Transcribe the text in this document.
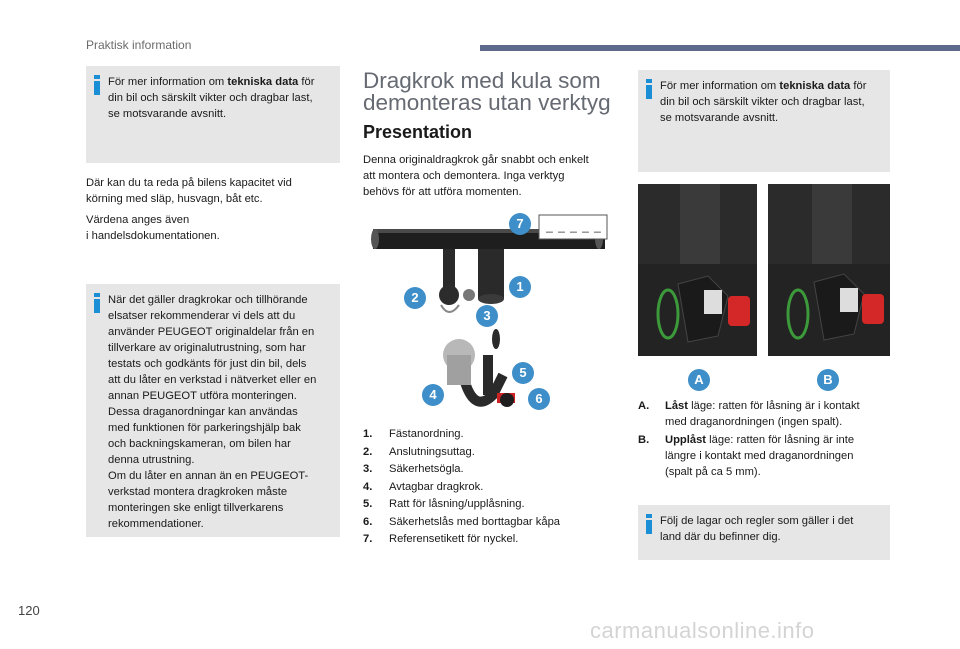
Praktisk information
För mer information om tekniska data för
din bil och särskilt vikter och dragbar last,
se motsvarande avsnitt.
Där kan du ta reda på bilens kapacitet vid
körning med släp, husvagn, båt etc.
Värdena anges även
i handelsdokumentationen.
När det gäller dragkrokar och tillhörande
elsatser rekommenderar vi dels att du
använder PEUGEOT originaldelar från en
tillverkare av originalutrustning, som har
testats och godkänts för just din bil, dels
att du låter en verkstad i nätverket eller en
annan PEUGEOT utföra monteringen.
Dessa draganordningar kan användas
med funktionen för parkeringshjälp bak
och backningskameran, om bilen har
denna utrustning.
Om du låter en annan än en PEUGEOT-
verkstad montera dragkroken måste
monteringen ske enligt tillverkarens
rekommendationer.
Dragkrok med kula som demonteras utan verktyg
Presentation
Denna originaldragkrok går snabbt och enkelt
att montera och demontera. Inga verktyg
behövs för att utföra momenten.
_ _ _ _ _
1
2
3
4
5
6
7
1. Fästanordning.
2. Anslutningsuttag.
3. Säkerhetsögla.
4. Avtagbar dragkrok.
5. Ratt för låsning/upplåsning.
6. Säkerhetslås med borttagbar kåpa
7. Referensetikett för nyckel.
För mer information om tekniska data för
din bil och särskilt vikter och dragbar last,
se motsvarande avsnitt.
A	B
A. Låst läge: ratten för låsning är i kontakt
med draganordningen (ingen spalt).
B. Upplåst läge: ratten för låsning är inte
längre i kontakt med draganordningen
(spalt på ca 5 mm).
Följ de lagar och regler som gäller i det
land där du befinner dig.
120
carmanualsonline.info
